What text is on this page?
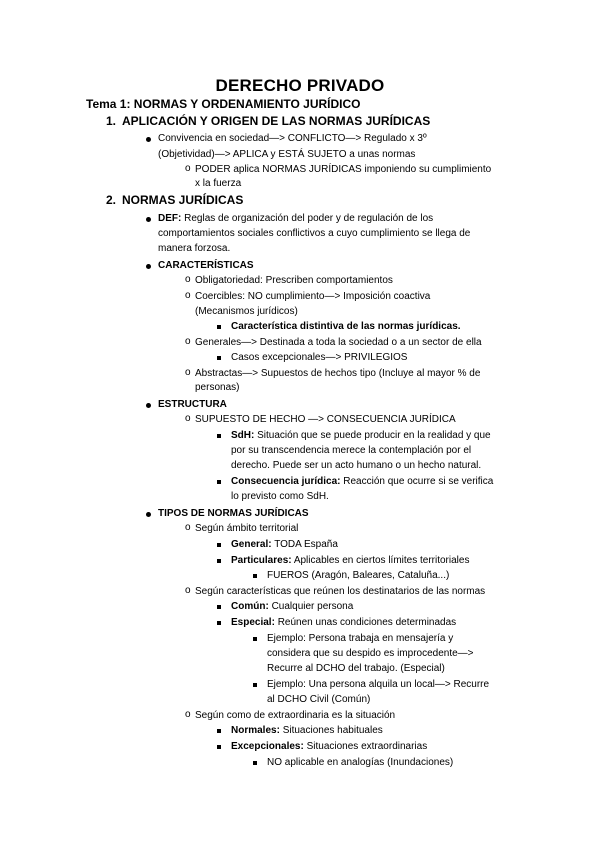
DERECHO PRIVADO
Tema 1: NORMAS Y ORDENAMIENTO JURÍDICO
1. APLICACIÓN Y ORIGEN DE LAS NORMAS JURÍDICAS
Convivencia en sociedad—> CONFLICTO—> Regulado x 3º
(Objetividad)—> APLICA y ESTÁ SUJETO a unas normas
o PODER aplica NORMAS JURÍDICAS imponiendo su cumplimiento
x la fuerza
2. NORMAS JURÍDICAS
DEF: Reglas de organización del poder y de regulación de los
comportamientos sociales conflictivos a cuyo cumplimiento se llega de
manera forzosa.
CARACTERÍSTICAS
o Obligatoriedad: Prescriben comportamientos
o Coercibles: NO cumplimiento—> Imposición coactiva
(Mecanismos jurídicos)
Característica distintiva de las normas jurídicas.
o Generales—> Destinada a toda la sociedad o a un sector de ella
Casos excepcionales—> PRIVILEGIOS
o Abstractas—> Supuestos de hechos tipo (Incluye al mayor % de
personas)
ESTRUCTURA
o SUPUESTO DE HECHO —> CONSECUENCIA JURÍDICA
SdH: Situación que se puede producir en la realidad y que
por su transcendencia merece la contemplación por el
derecho. Puede ser un acto humano o un hecho natural.
Consecuencia jurídica: Reacción que ocurre si se verifica
lo previsto como SdH.
TIPOS DE NORMAS JURÍDICAS
o Según ámbito territorial
General: TODA España
Particulares: Aplicables en ciertos límites territoriales
FUEROS (Aragón, Baleares, Cataluña...)
o Según características que reúnen los destinatarios de las normas
Común: Cualquier persona
Especial: Reúnen unas condiciones determinadas
Ejemplo: Persona trabaja en mensajería y
considera que su despido es improcedente—>
Recurre al DCHO del trabajo. (Especial)
Ejemplo: Una persona alquila un local—> Recurre
al DCHO Civil (Común)
o Según como de extraordinaria es la situación
Normales: Situaciones habituales
Excepcionales: Situaciones extraordinarias
NO aplicable en analogías (Inundaciones)
